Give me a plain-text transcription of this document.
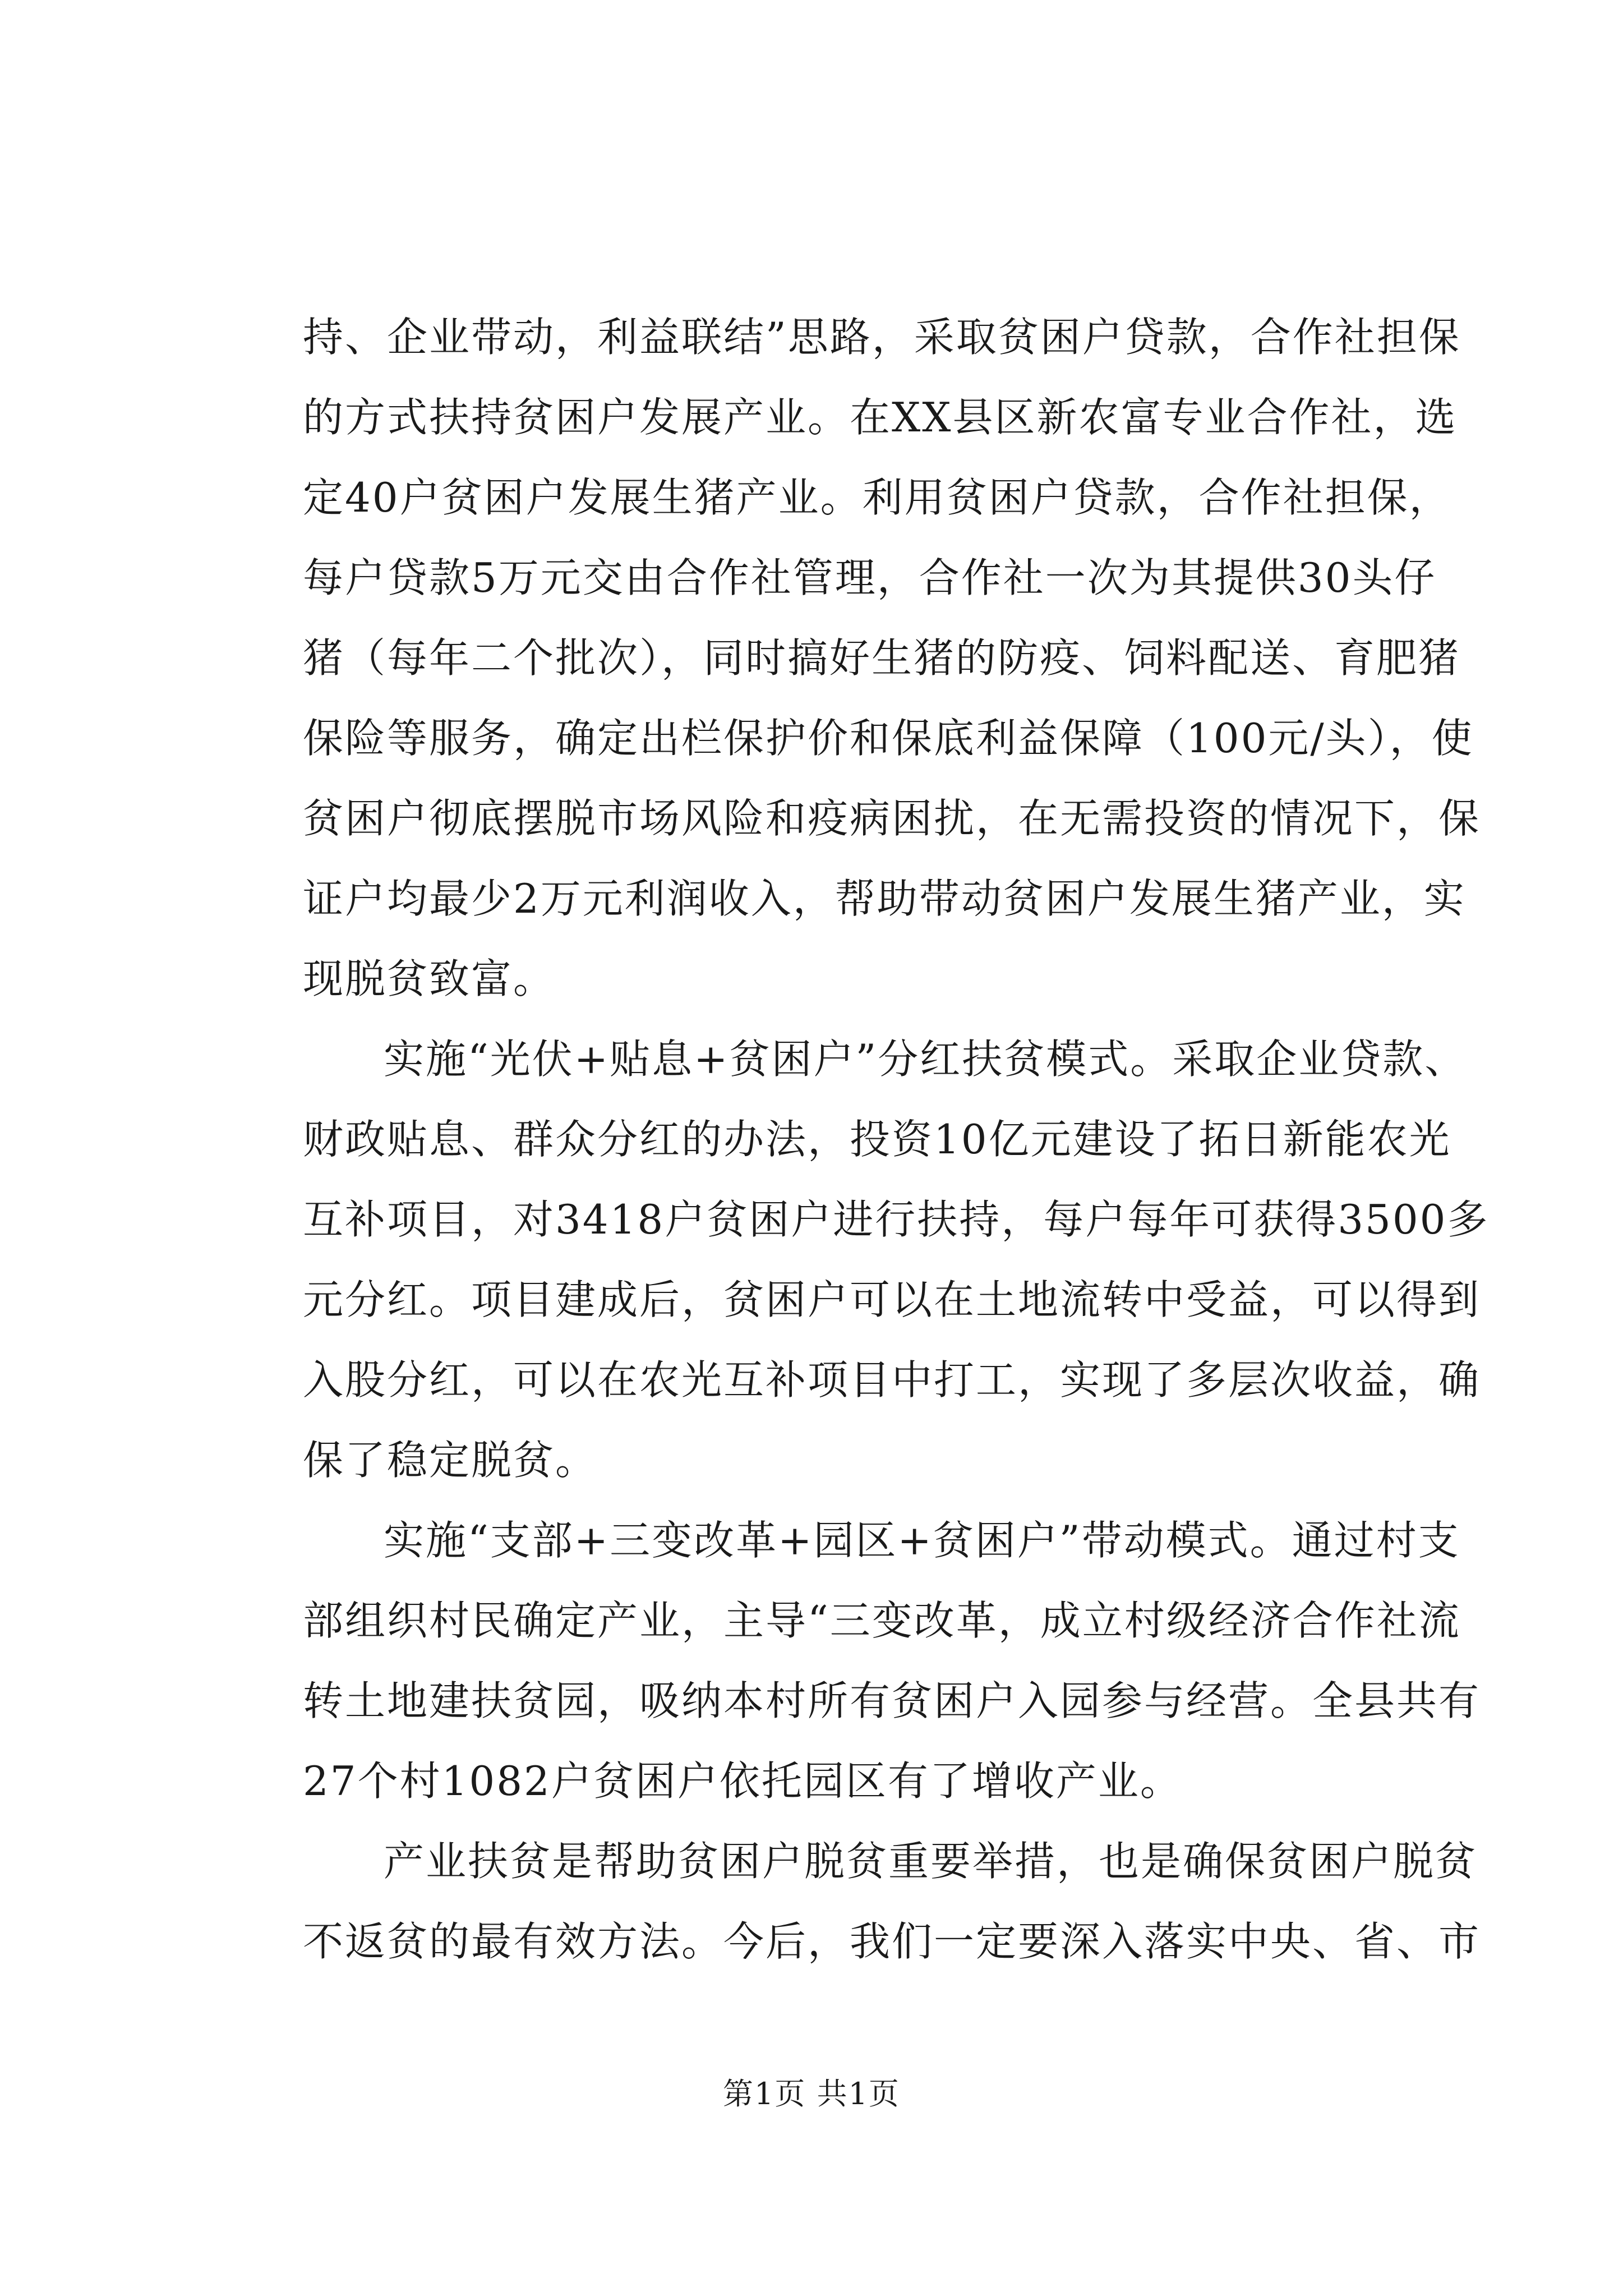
持、企业带动，利益联结”思路，采取贫困户贷款，合作社担保
的方式扶持贫困户发展产业。在XX县区新农富专业合作社，选
定40户贫困户发展生猪产业。利用贫困户贷款，合作社担保，
每户贷款5万元交由合作社管理，合作社一次为其提供30头仔
猪（每年二个批次），同时搞好生猪的防疫、饲料配送、育肥猪
保险等服务，确定出栏保护价和保底利益保障（100元/头），使
贫困户彻底摆脱市场风险和疫病困扰，在无需投资的情况下，保
证户均最少2万元利润收入，帮助带动贫困户发展生猪产业，实
现脱贫致富。
实施“光伏+贴息+贫困户”分红扶贫模式。采取企业贷款、
财政贴息、群众分红的办法，投资10亿元建设了拓日新能农光
互补项目，对3418户贫困户进行扶持，每户每年可获得3500多
元分红。项目建成后，贫困户可以在土地流转中受益，可以得到
入股分红，可以在农光互补项目中打工，实现了多层次收益，确
保了稳定脱贫。
实施“支部+三变改革+园区+贫困户”带动模式。通过村支
部组织村民确定产业，主导“三变改革，成立村级经济合作社流
转土地建扶贫园，吸纳本村所有贫困户入园参与经营。全县共有
27个村1082户贫困户依托园区有了增收产业。
产业扶贫是帮助贫困户脱贫重要举措，也是确保贫困户脱贫
不返贫的最有效方法。今后，我们一定要深入落实中央、省、市
第1页 共1页
